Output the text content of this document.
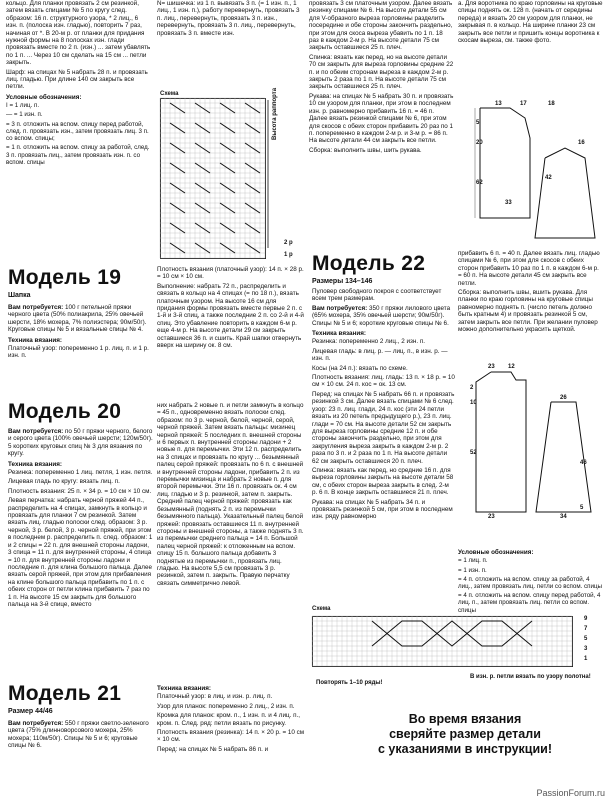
кольцо. Для планки провязать 2 см резинкой, затем вязать спицами № 5 по кругу след. образом: 16 п. структурного узора, * 2 лиц., 6 изн. п. (полоска изн. гладью), повторить 7 раз, начиная от *. В 20-м р. от планки для придания нужной формы на 8 полосках изн. глади провязать вместе по 2 п. (изн.) ... затем убавлять по 1 п. ... Через 10 см сделать на 15 см ... петли закрыть.

Шарф: на спицах № 5 набрать 28 п. и провязать лиц. гладью. При длине 140 см закрыть все петли.

Условные обозначения:

I = 1 лиц. п.

— = 1 изн. п.

= 3 п. отложить на вспом. спицу перед работой, след. п. провязать изн., затем провязать лиц. 3 п. со вспом. спицы;

= 1 п. отложить на вспом. спицу за работой, след. 3 п. провязать лиц., затем провязать изн. п. со вспом. спицы

N= шишечка: из 1 п. вывязать 3 п. (= 1 изн. п., 1 лиц., 1 изн. п.), работу перевернуть, провязать 3 п. лиц., перевернуть, провязать 3 п. изн., перевернуть, провязать 3 п. лиц., перевернуть, провязать 3 п. вместе изн.

Схема	Высота раппорта
2 р
1 р

провязать 3 см платочным узором. Далее вязать резинку спицами № 6. На высоте детали 55 см для V-образного выреза горловины разделить посередине и обе стороны закончить раздельно, при этом для скоса выреза убавить по 1 п. 18 раз в каждом 2-м р. На высоте детали 75 см закрыть оставшиеся 25 п. плеч.

Спинка: вязать как перед, но на высоте детали 70 см закрыть для выреза горловины средние 22 п. и по обеим сторонам выреза в каждом 2-м р. закрыть 2 раза по 1 п. На высоте детали 75 см закрыть оставшиеся 25 п. плеч.

Рукава: на спицах № 5 набрать 30 п. и провязать 10 см узором для планки, при этом в последнем изн. р. равномерно прибавить 16 п. = 46 п. Далее вязать резинкой спицами № 6, при этом для скосов с обеих сторон прибавить 20 раз по 1 п. попеременно в каждом 2-м р. и 3-м р. = 86 п. На высоте детали 44 см закрыть все петли.

Сборка: выполнить швы, шить рукава.

а. Для воротника по краю горловины на круговые спицы поднять ок. 128 п. (начать от середины переда) и вязать 20 см узором для планки, не закрывая п. в кольцо. На ширине планки 23 см закрыть все петли и пришить концы воротника к скосам выреза, см. также фото.

13	17	18
5
20
42
33
62
16
Модель 19
Шапка

Вам потребуется: 100 г петельной пряжи черного цвета (50% полиакрила, 25% овечьей шерсти, 18% мохера, 7% полиэстера; 90м/50г). Круговые спицы № 5 и вязальные спицы № 4.

Техника вязания:

Платочный узор: попеременно 1 р. лиц. п. и 1 р. изн. п.

Плотность вязания (платочный узор): 14 п. × 28 р. = 10 см × 10 см.

Выполнение: набрать 72 п., распределить и связать в кольцо на 4 спицах (= по 18 п.), вязать платочным узором. На высоте 16 см для придания формы провязать вместе первые 2 п. с 1-й и 3-й спиц, а также последние 2 п. со 2-й и 4-й спиц. Это убавление повторить в каждом 6-м р. еще 4-м р. На высоте детали 29 см закрыть оставшиеся 36 п. и сшить. Край шапки отвернуть вверх на ширину ок. 8 см.

Модель 20

Вам потребуется: по 50 г пряжи черного, белого и серого цвета (100% овечьей шерсти; 120м/50г). 5 коротких круговых спиц № 3 для вязания по кругу.

Техника вязания:

Резинка: попеременно 1 лиц. петля, 1 изн. петля.

Лицевая гладь по кругу: вязать лиц. п.

Плотность вязания: 25 п. × 34 р. = 10 см × 10 см.

Левая перчатка: набрать черной пряжей 44 п., распределить на 4 спицах, замкнуть в кольцо и провязать для планки 7 см резинкой. Затем вязать лиц. гладью полоски след. образом: 3 р. черной, 3 р. белой, 3 р. черной пряжей, при этом в последнем р. распределить п. след. образом: 1 и 2 спицы = 22 п. для внешней стороны ладони, 3 спица = 11 п. для внутренней стороны, 4 спица = 10 п. для внутренней стороны ладони и последние п. для клина большого пальца. Далее вязать серой пряжей, при этом для прибавления на клине большого пальца прибавить по 1 п. с обеих сторон от петли клина прибавить 7 раз по 1 п. На высоте 15 см закрыть для большого пальца на 3-й спице, вместо

них набрать 2 новые п. и петли замкнуть в кольцо = 45 п., одновременно вязать полоски след. образом: по 3 р. черной, белой, черной, серой, черной пряжей. Затем вязать пальцы: мизинец черной пряжей: 5 последних п. внешней стороны и 6 первых п. внутренней стороны ладони + 2 новые п. для перемычки. Эти 12 п. распределить на 3 спицах и провязать по кругу ... безымянный палец серой пряжей: провязать по 6 п. с внешней и внутренней стороны ладони, прибавить 2 п. из перемычки мизинца и набрать 2 новые п. для второй перемычки. Эти 16 п. провязать ок. 4 см лиц. гладью и 3 р. резинкой, затем п. закрыть. Средний палец черной пряжей: провязать как безымянный (поднять 2 п. из перемычки безымянного пальца). Указательный палец белой пряжей: провязать оставшиеся 11 п. внутренней стороны и внешней стороны, а также поднять 3 п. из перемычки среднего пальца = 14 п. Большой палец черной пряжей: к отложенным на вспом. спицу 15 п. большого пальца добавить 3 поднятые из перемычки п., провязать лиц. гладью. На высоте 5,5 см провязать 3 р. резинкой, затем п. закрыть. Правую перчатку связать симметрично левой.

Модель 21
Размер 44/46

Вам потребуется: 550 г пряжи светло-зеленого цвета (75% длинноворсового мохера, 25% мохера; 110м/50г). Спицы № 5 и 6; круговые спицы № 6.

Техника вязания:

Платочный узор: в лиц. и изн. р. лиц. п.

Узор для планок: попеременно 2 лиц., 2 изн. п.

Кромка для планок: кром. п., 1 изн. п. и 4 лиц. п., кром. п. След. ряд: петли вязать по рисунку.

Плотность вязания (резинка): 14 п. × 20 р. = 10 см × 10 см.

Перед: на спицах № 5 набрать 86 п. и

Модель 22
Размеры 134–146

Пуловер свободного покроя с соответствует всем трем размерам.

Вам потребуется: 350 г пряжи лилового цвета (65% мохера, 35% овечьей шерсти; 90м/50г). Спицы № 5 и 6; короткие круговые спицы № 6.

Техника вязания:

Резинка: попеременно 2 лиц., 2 изн. п.

Лицевая гладь: в лиц. р. — лиц. п., в изн. р. — изн. п.

Косы (на 24 п.): вязать по схеме.

Плотность вязания: лиц. гладь: 13 п. × 18 р. = 10 см × 10 см. 24 п. кос = ок. 13 см.

Перед: на спицах № 5 набрать 66 п. и провязать резинкой 3 см. Далее вязать спицами № 6 след. узор: 23 п. лиц. глади, 24 п. кос (эти 24 петли вязать из 20 петель предыдущего р.), 23 п. лиц. глади = 70 см. На высоте детали 52 см закрыть для выреза горловины средние 12 п. и обе стороны закончить раздельно, при этом для закругления выреза закрыть в каждом 2-м р. 2 раза по 3 п. и 2 раза по 1 п. На высоте детали 62 см закрыть оставшиеся 20 п. плеч.

Спинка: вязать как перед, но средние 16 п. для выреза горловины закрыть на высоте детали 58 см, с обеих сторон выреза закрыть в след. 2-м р. 6 п. В конце закрыть оставшиеся 21 п. плеч.

Рукава: на спицах № 5 набрать 34 п. и провязать резинкой 5 см, при этом в последнем изн. ряду равномерно

прибавить 6 п. = 40 п. Далее вязать лиц. гладью спицами № 6, при этом для скосов с обеих сторон прибавить 10 раз по 1 п. в каждом 6-м р. = 60 п. На высоте детали 45 см закрыть все петли.

Сборка: выполнить швы, вшить рукава. Для планки по краю горловины на круговые спицы равномерно поднять п. (число петель должно быть кратным 4) и провязать резинкой 5 см, затем закрыть все петли. При желании пуловер можно дополнительно украсить щеткой.

23 12
2
10
52
23
26
46
5
34

Условные обозначения:

= 1 лиц. п.

= 1 изн. п.

= 4 п. отложить на вспом. спицу за работой, 4 лиц., затем провязать лиц. петли со вспом. спицы

= 4 п. отложить на вспом. спицу перед работой, 4 лиц. п., затем провязать лиц. петли со вспом. спицы

Схема
9
7
5
3
1
Повторять 1–10 ряды!
В изн. р. петли вязать по узору полотна!
Во время вязания
сверяйте размер детали
с указаниями в инструкции!
PassionForum.ru
